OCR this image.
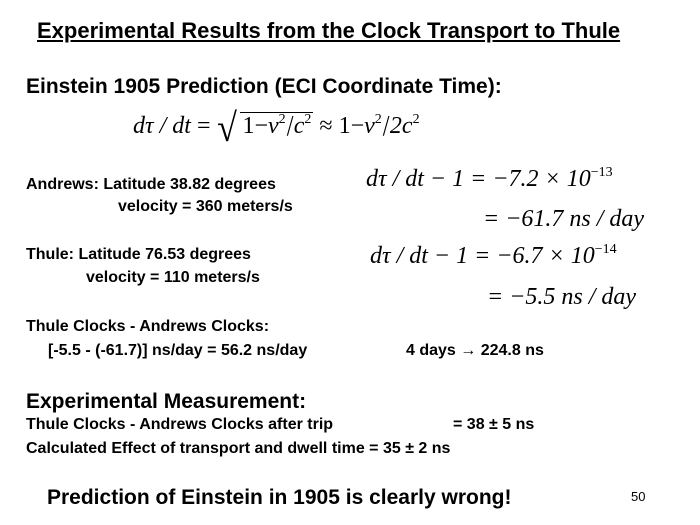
Experimental Results from the Clock Transport to Thule
Einstein 1905 Prediction (ECI Coordinate Time):
dτ / dt = √ $1-v^2/c^2 \approx 1-v^2/2c^2$
Andrews: Latitude 38.82 degrees
velocity = 360 meters/s
dτ / dt − $1 = -7.2 \times 10^{-13}$
= −61.7 ns / day
Thule: Latitude 76.53 degrees
velocity = 110 meters/s
dτ / dt − $1 = -6.7 \times 10^{-14}$
= −5.5 ns / day
Thule Clocks - Andrews Clocks:
[-5.5 - (-61.7)] ns/day = 56.2 ns/day	4 days → 224.8 ns
Experimental Measurement:
Thule Clocks - Andrews Clocks after trip	= 38 ± 5 ns
Calculated Effect of transport and dwell time = 35 ± 2 ns
Prediction of Einstein in 1905 is clearly wrong!	50
